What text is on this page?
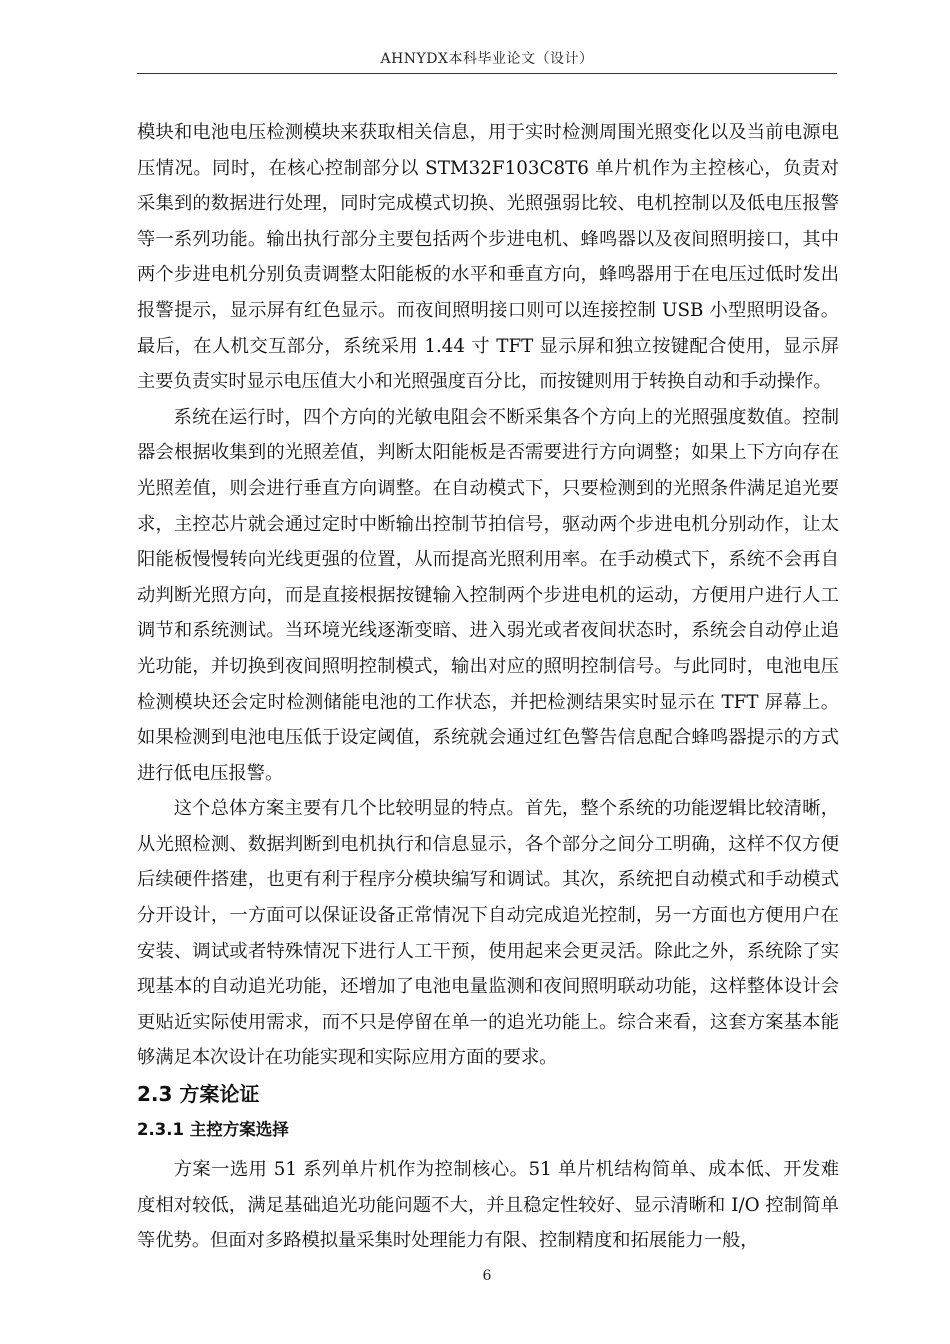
AHNYDX本科毕业论文（设计）

模块和电池电压检测模块来获取相关信息，用于实时检测周围光照变化以及当前电源电压情况。同时，在核心控制部分以 STM32F103C8T6 单片机作为主控核心，负责对采集到的数据进行处理，同时完成模式切换、光照强弱比较、电机控制以及低电压报警等一系列功能。输出执行部分主要包括两个步进电机、蜂鸣器以及夜间照明接口，其中两个步进电机分别负责调整太阳能板的水平和垂直方向，蜂鸣器用于在电压过低时发出报警提示，显示屏有红色显示。而夜间照明接口则可以连接控制 USB 小型照明设备。最后，在人机交互部分，系统采用 1.44 寸 TFT 显示屏和独立按键配合使用，显示屏主要负责实时显示电压值大小和光照强度百分比，而按键则用于转换自动和手动操作。

系统在运行时，四个方向的光敏电阻会不断采集各个方向上的光照强度数值。控制器会根据收集到的光照差值，判断太阳能板是否需要进行方向调整；如果上下方向存在光照差值，则会进行垂直方向调整。在自动模式下，只要检测到的光照条件满足追光要求，主控芯片就会通过定时中断输出控制节拍信号，驱动两个步进电机分别动作，让太阳能板慢慢转向光线更强的位置，从而提高光照利用率。在手动模式下，系统不会再自动判断光照方向，而是直接根据按键输入控制两个步进电机的运动，方便用户进行人工调节和系统测试。当环境光线逐渐变暗、进入弱光或者夜间状态时，系统会自动停止追光功能，并切换到夜间照明控制模式，输出对应的照明控制信号。与此同时，电池电压检测模块还会定时检测储能电池的工作状态，并把检测结果实时显示在 TFT 屏幕上。如果检测到电池电压低于设定阈值，系统就会通过红色警告信息配合蜂鸣器提示的方式进行低电压报警。

这个总体方案主要有几个比较明显的特点。首先，整个系统的功能逻辑比较清晰，从光照检测、数据判断到电机执行和信息显示，各个部分之间分工明确，这样不仅方便后续硬件搭建，也更有利于程序分模块编写和调试。其次，系统把自动模式和手动模式分开设计，一方面可以保证设备正常情况下自动完成追光控制，另一方面也方便用户在安装、调试或者特殊情况下进行人工干预，使用起来会更灵活。除此之外，系统除了实现基本的自动追光功能，还增加了电池电量监测和夜间照明联动功能，这样整体设计会更贴近实际使用需求，而不只是停留在单一的追光功能上。综合来看，这套方案基本能够满足本次设计在功能实现和实际应用方面的要求。

2.3 方案论证
2.3.1 主控方案选择

方案一选用 51 系列单片机作为控制核心。51 单片机结构简单、成本低、开发难度相对较低，满足基础追光功能问题不大，并且稳定性较好、显示清晰和 I/O 控制简单等优势。但面对多路模拟量采集时处理能力有限、控制精度和拓展能力一般，

6
